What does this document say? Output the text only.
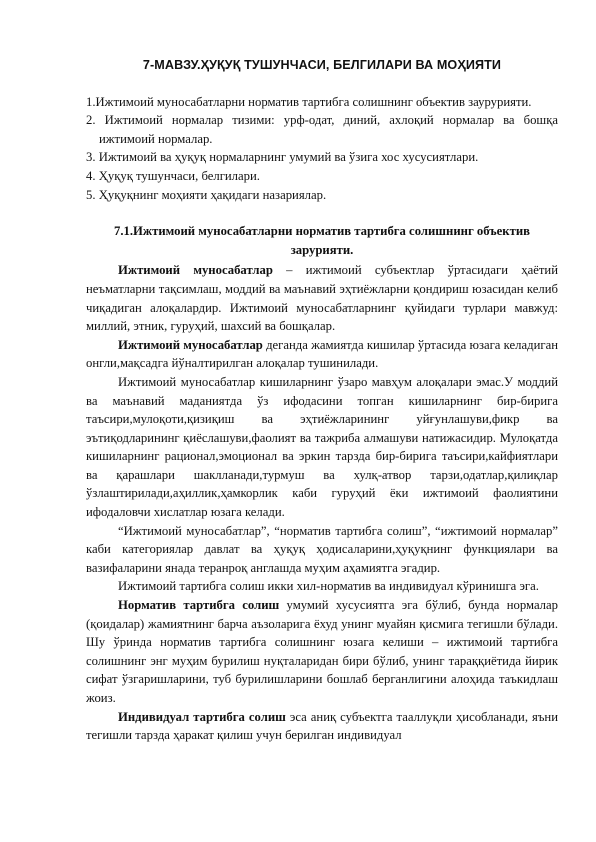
7-МАВЗУ.ҲУҚУҚ ТУШУНЧАСИ, БЕЛГИЛАРИ ВА МОҲИЯТИ
1.Ижтимоий муносабатларни норматив тартибга солишнинг объектив заурурияти.
2. Ижтимоий нормалар тизими: урф-одат, диний, ахлоқий нормалар ва бошқа ижтимоий нормалар.
3. Ижтимоий ва ҳуқуқ нормаларнинг умумий ва ўзига хос хусусиятлари.
4. Ҳуқуқ тушунчаси, белгилари.
5. Ҳуқуқнинг моҳияти ҳақидаги назариялар.
7.1.Ижтимоий муносабатларни норматив тартибга солишнинг объектив зарурияти.

Ижтимоий муносабатлар – ижтимоий субъектлар ўртасидаги ҳаётий неъматларни тақсимлаш, моддий ва маънавий эҳтиёжларни қондириш юзасидан келиб чиқадиган алоқалардир. Ижтимоий муносабатларнинг қуйидаги турлари мавжуд: миллий, этник, гуруҳий, шахсий ва бошқалар.

Ижтимоий муносабатлар деганда жамиятда кишилар ўртасида юзага келадиган онгли,мақсадга йўналтирилган алоқалар тушинилади.

Ижтимоий муносабатлар кишиларнинг ўзаро мавҳум алоқалари эмас.У моддий ва маънавий маданиятда ўз ифодасини топган кишиларнинг бир-бирига таъсири,мулоқоти,қизиқиш ва эҳтиёжларининг уйғунлашуви,фикр ва эътиқодларининг қиёслашуви,фаолият ва тажриба алмашуви натижасидир. Мулоқатда кишиларнинг рационал,эмоционал ва эркин тарзда бир-бирига таъсири,кайфиятлари ва қарашлари шаклланади,турмуш ва хулқ-атвор тарзи,одатлар,қилиқлар ўзлаштирилади,аҳиллик,ҳамкорлик каби гуруҳий ёки ижтимоий фаолиятини ифодаловчи хислатлар юзага келади.

“Ижтимоий муносабатлар”, “норматив тартибга солиш”, “ижтимоий нормалар” каби категориялар давлат ва ҳуқуқ ҳодисаларини,ҳуқуқнинг функциялари ва вазифаларини янада теранроқ англашда муҳим аҳамиятга эгадир.

Ижтимоий тартибга солиш икки хил-норматив ва индивидуал кўринишга эга.

Норматив тартибга солиш умумий хусусиятга эга бўлиб, бунда нормалар (қоидалар) жамиятнинг барча аъзоларига ёхуд унинг муайян қисмига тегишли бўлади. Шу ўринда норматив тартибга солишнинг юзага келиши – ижтимоий тартибга солишнинг энг муҳим бурилиш нуқталаридан бири бўлиб, унинг тараққиётида йирик сифат ўзгаришларини, туб бурилишларини бошлаб берганлигини алоҳида таъкидлаш жоиз.

Индивидуал тартибга солиш эса аниқ субъектга тааллуқли ҳисобланади, яъни тегишли тарзда ҳаракат қилиш учун берилган индивидуал
